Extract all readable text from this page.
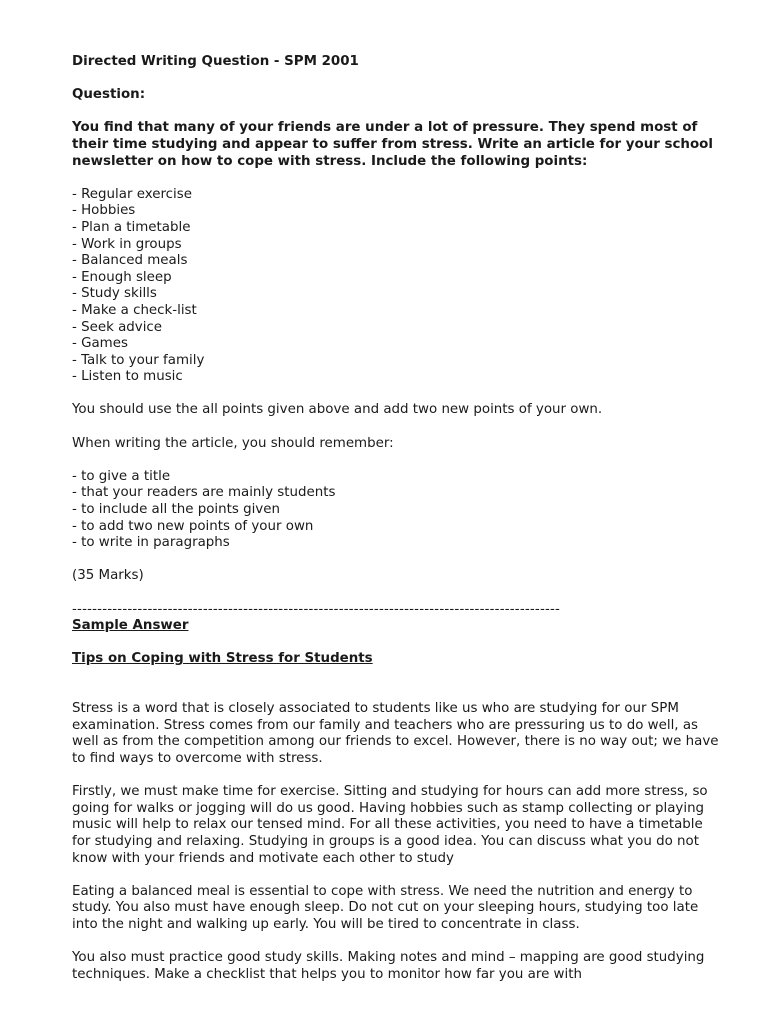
Directed Writing Question - SPM 2001

Question:

You find that many of your friends are under a lot of pressure. They spend most of their time studying and appear to suffer from stress. Write an article for your school newsletter on how to cope with stress. Include the following points:

- Regular exercise
- Hobbies
- Plan a timetable
- Work in groups
- Balanced meals
- Enough sleep
- Study skills
- Make a check-list
- Seek advice
- Games
- Talk to your family
- Listen to music

You should use the all points given above and add two new points of your own.

When writing the article, you should remember:

- to give a title
- that your readers are mainly students
- to include all the points given
- to add two new points of your own
- to write in paragraphs

(35 Marks)

-------------------------------------------------------------------------------------------------

Sample Answer

Tips on Coping with Stress for Students

Stress is a word that is closely associated to students like us who are studying for our SPM examination. Stress comes from our family and teachers who are pressuring us to do well, as well as from the competition among our friends to excel. However, there is no way out; we have to find ways to overcome with stress.

Firstly, we must make time for exercise. Sitting and studying for hours can add more stress, so going for walks or jogging will do us good. Having hobbies such as stamp collecting or playing music will help to relax our tensed mind. For all these activities, you need to have a timetable for studying and relaxing. Studying in groups is a good idea. You can discuss what you do not know with your friends and motivate each other to study

Eating a balanced meal is essential to cope with stress. We need the nutrition and energy to study. You also must have enough sleep. Do not cut on your sleeping hours, studying too late into the night and walking up early. You will be tired to concentrate in class.

You also must practice good study skills. Making notes and mind – mapping are good studying techniques. Make a checklist that helps you to monitor how far you are with
